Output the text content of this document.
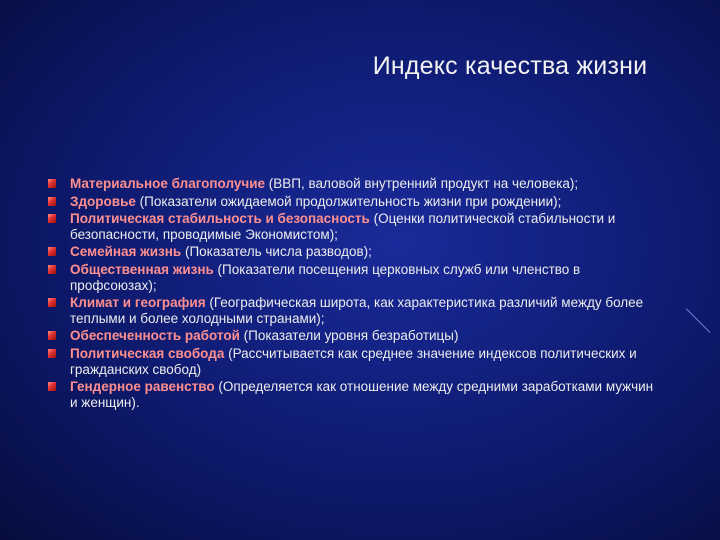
Индекс качества жизни
Материальное благополучие (ВВП, валовой внутренний продукт на человека);
Здоровье (Показатели ожидаемой продолжительность жизни при рождении);
Политическая стабильность и безопасность (Оценки политической стабильности и безопасности, проводимые Экономистом);
Семейная жизнь (Показатель числа разводов);
Общественная жизнь (Показатели посещения церковных служб или членство в профсоюзах);
Климат и география (Географическая широта, как характеристика различий между более теплыми и более холодными странами);
Обеспеченность работой (Показатели уровня безработицы)
Политическая свобода (Рассчитывается как среднее значение индексов политических и гражданских свобод)
Гендерное равенство (Определяется как отношение между средними заработками мужчин и женщин).
